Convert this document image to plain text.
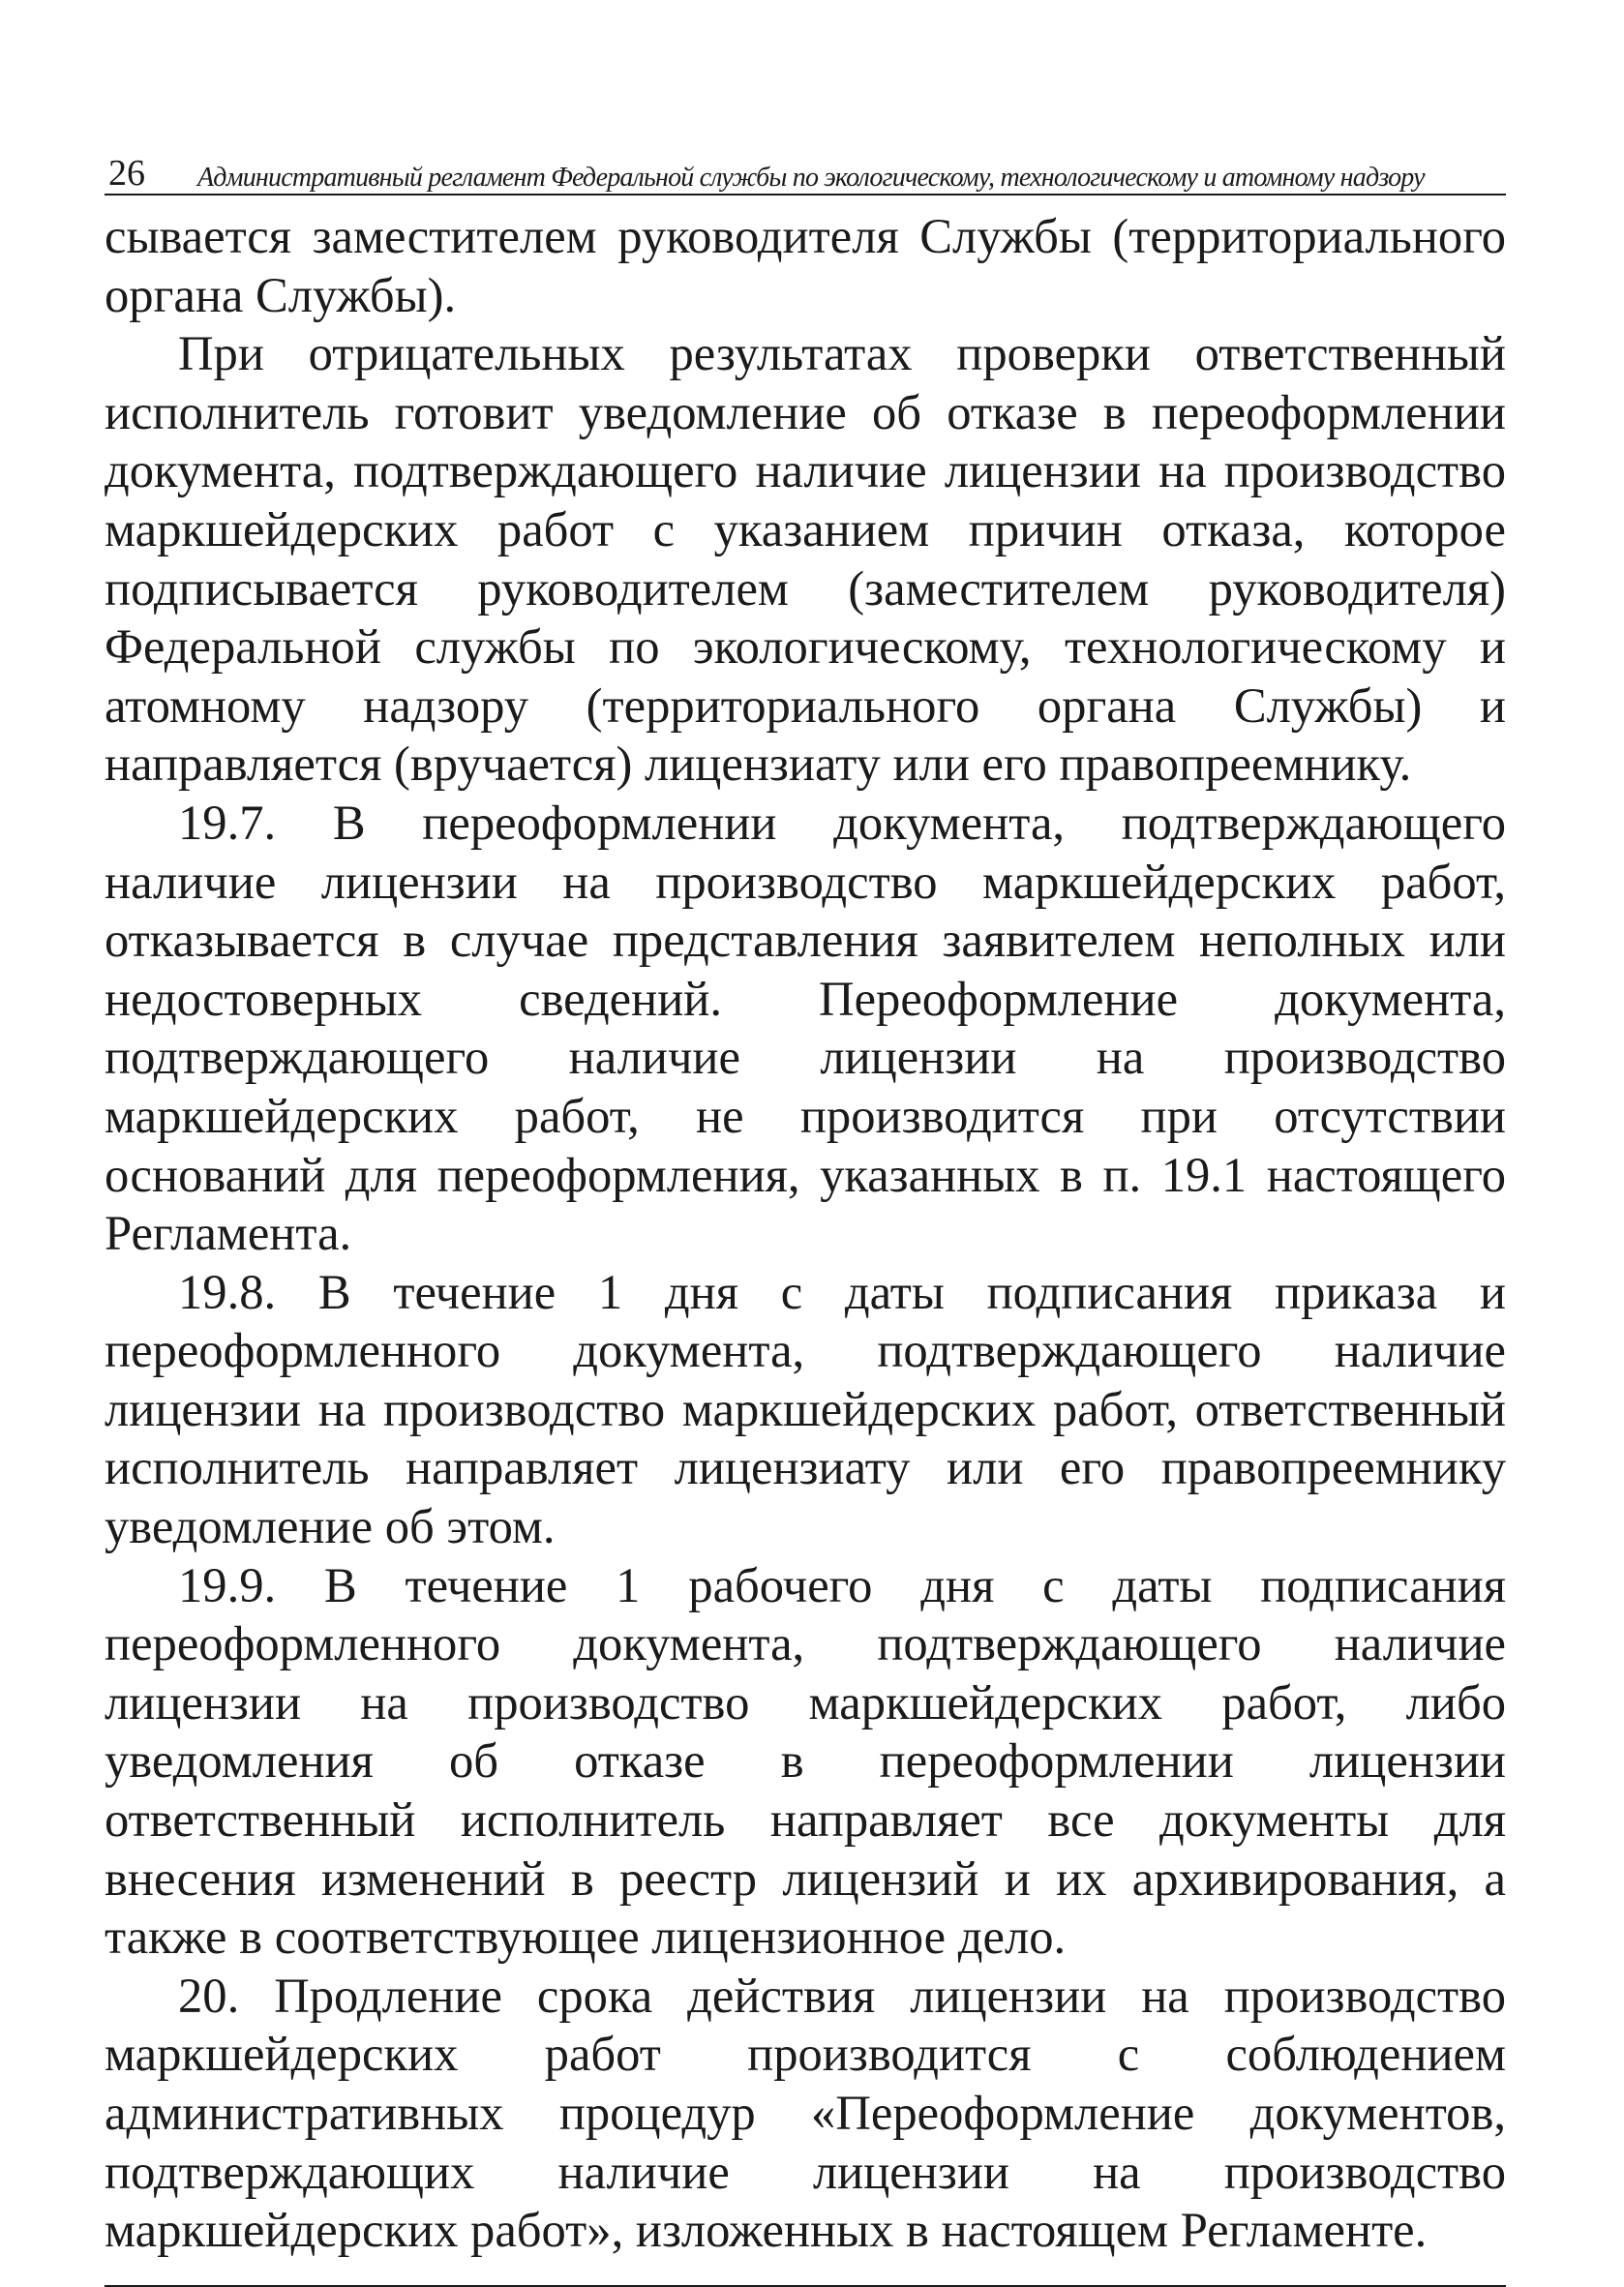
26 Административный регламент Федеральной службы по экологическому, технологическому и атомному надзору

сывается заместителем руководителя Службы (территориального органа Службы).

При отрицательных результатах проверки ответственный исполнитель готовит уведомление об отказе в переоформлении документа, подтверждающего наличие лицензии на производство маркшейдерских работ с указанием причин отказа, которое подписывается руководителем (заместителем руководителя) Федеральной службы по экологическому, технологическому и атомному надзору (территориального органа Службы) и направляется (вручается) лицензиату или его правопреемнику.

19.7. В переоформлении документа, подтверждающего наличие лицензии на производство маркшейдерских работ, отказывается в случае представления заявителем неполных или недостоверных сведений. Переоформление документа, подтверждающего наличие лицензии на производство маркшейдерских работ, не производится при отсутствии оснований для переоформления, указанных в п. 19.1 настоящего Регламента.

19.8. В течение 1 дня с даты подписания приказа и переоформленного документа, подтверждающего наличие лицензии на производство маркшейдерских работ, ответственный исполнитель направляет лицензиату или его правопреемнику уведомление об этом.

19.9. В течение 1 рабочего дня с даты подписания переоформленного документа, подтверждающего наличие лицензии на производство маркшейдерских работ, либо уведомления об отказе в переоформлении лицензии ответственный исполнитель направляет все документы для внесения изменений в реестр лицензий и их архивирования, а также в соответствующее лицензионное дело.

20. Продление срока действия лицензии на производство маркшейдерских работ производится с соблюдением административных процедур «Переоформление документов, подтверждающих наличие лицензии на производство маркшейдерских работ», изложенных в настоящем Регламенте.
